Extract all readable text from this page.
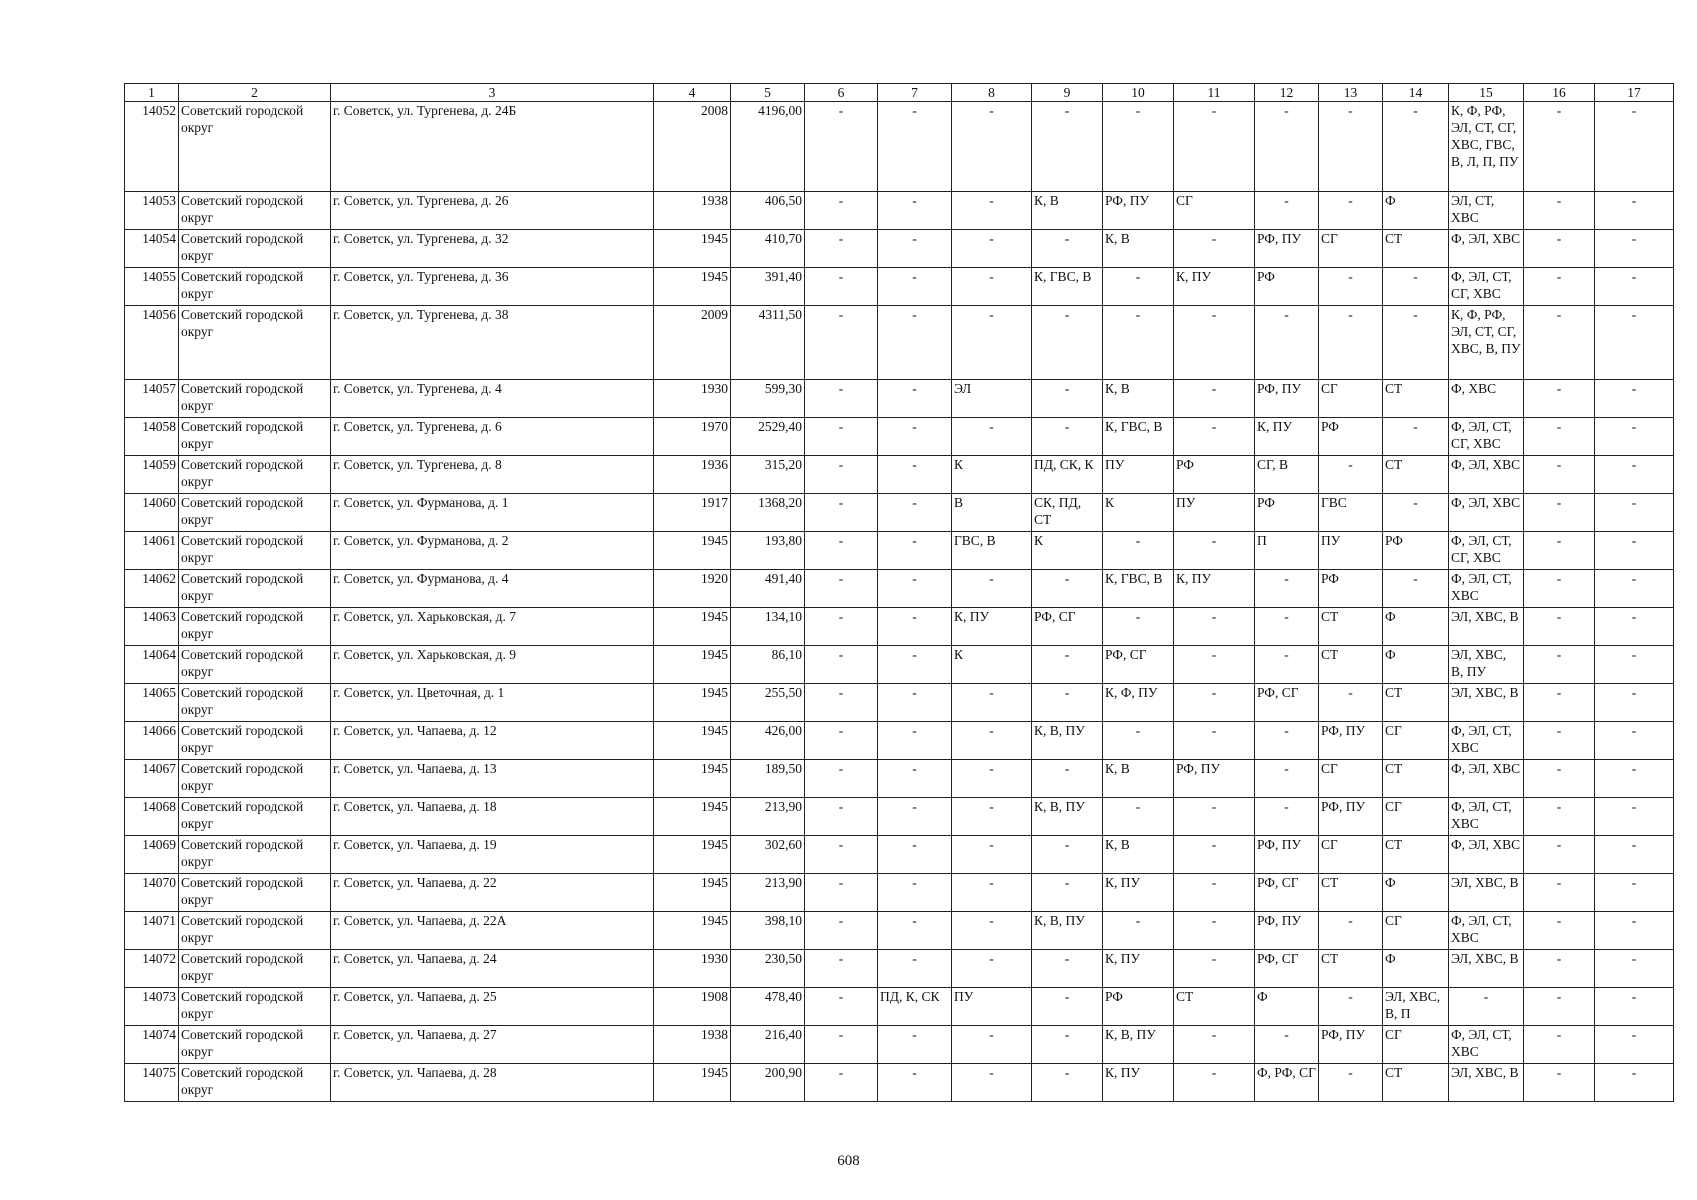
1	2	3	4	5	6	7	8	9	10	11	12	13	14	15	16	17
14052	Советский городской округ	г. Советск, ул. Тургенева, д. 24Б	2008	4196,00	-	-	-	-	-	-	-	-	-	К, Ф, РФ, ЭЛ, СТ, СГ, ХВС, ГВС, В, Л, П, ПУ	-	-
14053	Советский городской округ	г. Советск, ул. Тургенева, д. 26	1938	406,50	-	-	-	К, В	РФ, ПУ	СГ	-	-	Ф	ЭЛ, СТ, ХВС	-	-
14054	Советский городской округ	г. Советск, ул. Тургенева, д. 32	1945	410,70	-	-	-	-	К, В	-	РФ, ПУ	СГ	СТ	Ф, ЭЛ, ХВС	-	-
14055	Советский городской округ	г. Советск, ул. Тургенева, д. 36	1945	391,40	-	-	-	К, ГВС, В	-	К, ПУ	РФ	-	-	Ф, ЭЛ, СТ, СГ, ХВС	-	-
14056	Советский городской округ	г. Советск, ул. Тургенева, д. 38	2009	4311,50	-	-	-	-	-	-	-	-	-	К, Ф, РФ, ЭЛ, СТ, СГ, ХВС, В, ПУ	-	-
14057	Советский городской округ	г. Советск, ул. Тургенева, д. 4	1930	599,30	-	-	ЭЛ	-	К, В	-	РФ, ПУ	СГ	СТ	Ф, ХВС	-	-
14058	Советский городской округ	г. Советск, ул. Тургенева, д. 6	1970	2529,40	-	-	-	-	К, ГВС, В	-	К, ПУ	РФ	-	Ф, ЭЛ, СТ, СГ, ХВС	-	-
14059	Советский городской округ	г. Советск, ул. Тургенева, д. 8	1936	315,20	-	-	К	ПД, СК, К	ПУ	РФ	СГ, В	-	СТ	Ф, ЭЛ, ХВС	-	-
14060	Советский городской округ	г. Советск, ул. Фурманова, д. 1	1917	1368,20	-	-	В	СК, ПД, СТ	К	ПУ	РФ	ГВС	-	Ф, ЭЛ, ХВС	-	-
14061	Советский городской округ	г. Советск, ул. Фурманова, д. 2	1945	193,80	-	-	ГВС, В	К	-	-	П	ПУ	РФ	Ф, ЭЛ, СТ, СГ, ХВС	-	-
14062	Советский городской округ	г. Советск, ул. Фурманова, д. 4	1920	491,40	-	-	-	-	К, ГВС, В	К, ПУ	-	РФ	-	Ф, ЭЛ, СТ, ХВС	-	-
14063	Советский городской округ	г. Советск, ул. Харьковская, д. 7	1945	134,10	-	-	К, ПУ	РФ, СГ	-	-	-	СТ	Ф	ЭЛ, ХВС, В	-	-
14064	Советский городской округ	г. Советск, ул. Харьковская, д. 9	1945	86,10	-	-	К	-	РФ, СГ	-	-	СТ	Ф	ЭЛ, ХВС, В, ПУ	-	-
14065	Советский городской округ	г. Советск, ул. Цветочная, д. 1	1945	255,50	-	-	-	-	К, Ф, ПУ	-	РФ, СГ	-	СТ	ЭЛ, ХВС, В	-	-
14066	Советский городской округ	г. Советск, ул. Чапаева, д. 12	1945	426,00	-	-	-	К, В, ПУ	-	-	-	РФ, ПУ	СГ	Ф, ЭЛ, СТ, ХВС	-	-
14067	Советский городской округ	г. Советск, ул. Чапаева, д. 13	1945	189,50	-	-	-	-	К, В	РФ, ПУ	-	СГ	СТ	Ф, ЭЛ, ХВС	-	-
14068	Советский городской округ	г. Советск, ул. Чапаева, д. 18	1945	213,90	-	-	-	К, В, ПУ	-	-	-	РФ, ПУ	СГ	Ф, ЭЛ, СТ, ХВС	-	-
14069	Советский городской округ	г. Советск, ул. Чапаева, д. 19	1945	302,60	-	-	-	-	К, В	-	РФ, ПУ	СГ	СТ	Ф, ЭЛ, ХВС	-	-
14070	Советский городской округ	г. Советск, ул. Чапаева, д. 22	1945	213,90	-	-	-	-	К, ПУ	-	РФ, СГ	СТ	Ф	ЭЛ, ХВС, В	-	-
14071	Советский городской округ	г. Советск, ул. Чапаева, д. 22А	1945	398,10	-	-	-	К, В, ПУ	-	-	РФ, ПУ	-	СГ	Ф, ЭЛ, СТ, ХВС	-	-
14072	Советский городской округ	г. Советск, ул. Чапаева, д. 24	1930	230,50	-	-	-	-	К, ПУ	-	РФ, СГ	СТ	Ф	ЭЛ, ХВС, В	-	-
14073	Советский городской округ	г. Советск, ул. Чапаева, д. 25	1908	478,40	-	ПД, К, СК	ПУ	-	РФ	СТ	Ф	-	ЭЛ, ХВС, В, П	-	-	-
14074	Советский городской округ	г. Советск, ул. Чапаева, д. 27	1938	216,40	-	-	-	-	К, В, ПУ	-	-	РФ, ПУ	СГ	Ф, ЭЛ, СТ, ХВС	-	-
14075	Советский городской округ	г. Советск, ул. Чапаева, д. 28	1945	200,90	-	-	-	-	К, ПУ	-	Ф, РФ, СГ	-	СТ	ЭЛ, ХВС, В	-	-
608
